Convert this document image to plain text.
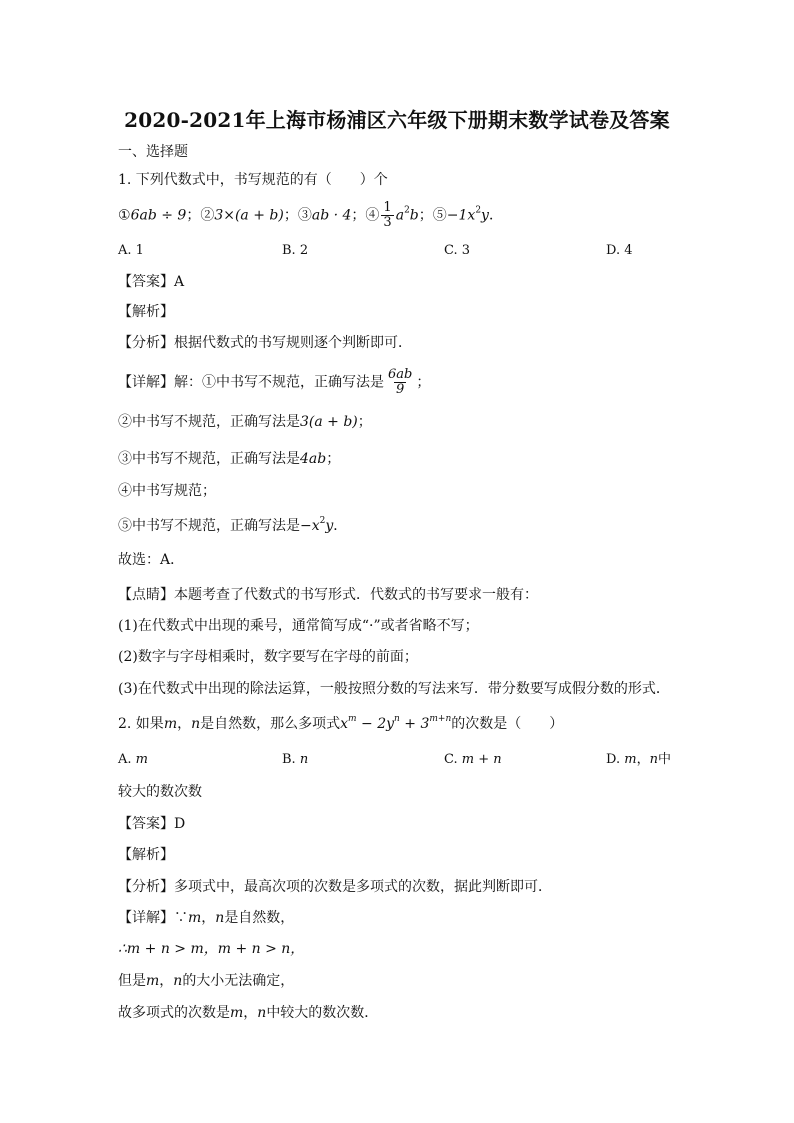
2020-2021年上海市杨浦区六年级下册期末数学试卷及答案
一、选择题
1. 下列代数式中，书写规范的有（　　）个
①6ab ÷ 9；②3×(a + b)；③ab · 4；④ $\frac{1}{3} a^2b$；$⑤-1x^2y$．
A. 1	B. 2	C. 3	D. 4
【答案】A
【解析】
【分析】根据代数式的书写规则逐个判断即可．
【详解】解：①中书写不规范，正确写法是 $\frac{6ab}{9}$ ；
②中书写不规范，正确写法是3(a + b)；
③中书写不规范，正确写法是4ab；
④中书写规范；
⑤中书写不规范，正确写法是$-x^2y$．
故选：A．
【点睛】本题考查了代数式的书写形式．代数式的书写要求一般有：
(1)在代数式中出现的乘号，通常简写成“·”或者省略不写；
(2)数字与字母相乘时，数字要写在字母的前面；
(3)在代数式中出现的除法运算，一般按照分数的写法来写．带分数要写成假分数的形式．
2. 如果m，n是自然数，那么多项式$x^m - 2y^n + 3^{m+n}$的次数是（　　）
A. m	B. n	C. m + n	D. m，n中
较大的数次数
【答案】D
【解析】
【分析】多项式中，最高次项的次数是多项式的次数，据此判断即可．
【详解】∵m，n是自然数，
∴m + n > m，m + n > n，
但是m，n的大小无法确定，
故多项式的次数是m，n中较大的数次数．
